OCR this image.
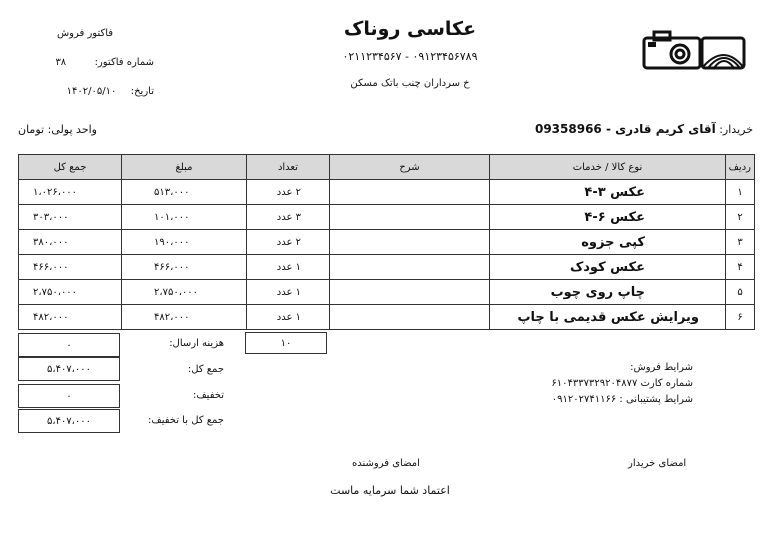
عکاسی روناک
۰۲۱۱۲۳۴۵۶۷ - ۰۹۱۲۳۴۵۶۷۸۹
خ سرداران چنب باتک مسکن
فاکتور فروش
شماره فاکتور:  ۳۸
تاریخ:  ۱۴۰۲/۰۵/۱۰
خریدار: آقای کریم قادری - 09358966
واحد پولی: تومان
ردیف	نوع کالا / خدمات	شرح	تعداد	مبلغ	جمع کل
۱	عکس ۳-۴		۲ عدد	۵۱۳،۰۰۰	۱،۰۲۶،۰۰۰
۲	عکس ۶-۴		۳ عدد	۱۰۱،۰۰۰	۳۰۳،۰۰۰
۳	کپی جزوه		۲ عدد	۱۹۰،۰۰۰	۳۸۰،۰۰۰
۴	عکس کودک		۱ عدد	۴۶۶،۰۰۰	۴۶۶،۰۰۰
۵	چاپ روی چوب		۱ عدد	۲،۷۵۰،۰۰۰	۲،۷۵۰،۰۰۰
۶	ویرایش عکس قدیمی با چاپ		۱ عدد	۴۸۲،۰۰۰	۴۸۲،۰۰۰
۱۰
۰	هزینه ارسال:
۵،۴۰۷،۰۰۰	جمع کل:
۰	تخفیف:
۵،۴۰۷،۰۰۰	جمع کل با تخفیف:
شرایط فروش:
شماره کارت ۶۱۰۴۳۳۷۳۲۹۲۰۴۸۷۷
شرایط پشتیبانی : ۰۹۱۲۰۲۷۴۱۱۶۶
امضای خریدار
امضای فروشنده
اعتماد شما سرمایه ماست
